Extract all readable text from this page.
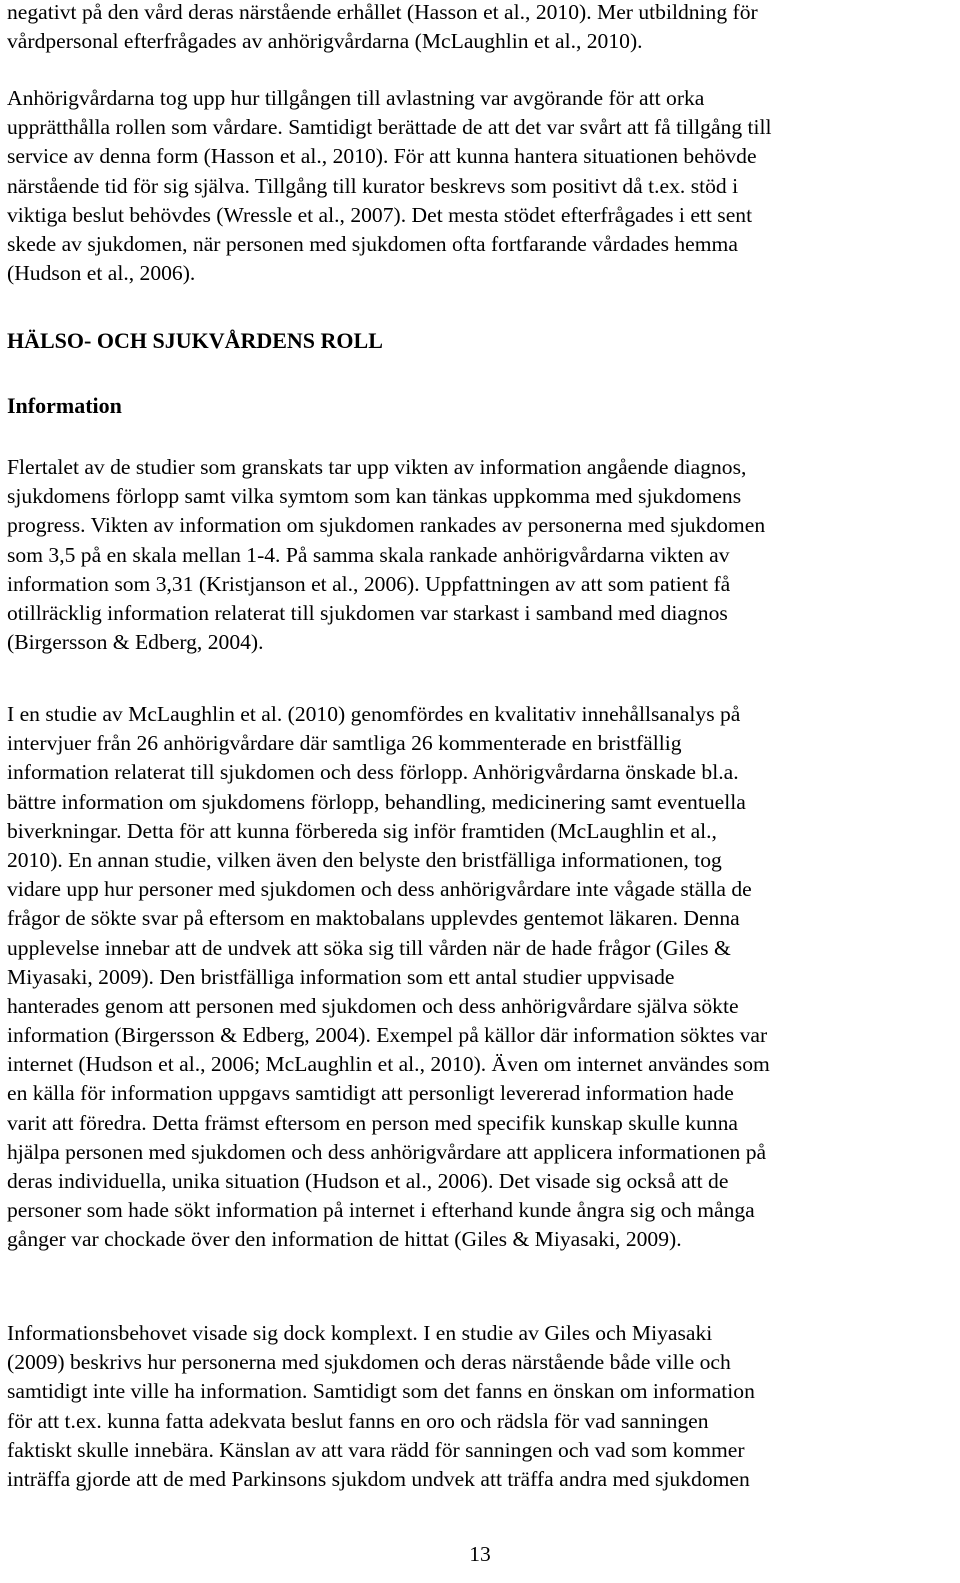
negativt på den vård deras närstående erhållet (Hasson et al., 2010). Mer utbildning för
vårdpersonal efterfrågades av anhörigvårdarna (McLaughlin et al., 2010).
Anhörigvårdarna tog upp hur tillgången till avlastning var avgörande för att orka
upprätthålla rollen som vårdare. Samtidigt berättade de att det var svårt att få tillgång till
service av denna form (Hasson et al., 2010). För att kunna hantera situationen behövde
närstående tid för sig själva. Tillgång till kurator beskrevs som positivt då t.ex. stöd i
viktiga beslut behövdes (Wressle et al., 2007). Det mesta stödet efterfrågades i ett sent
skede av sjukdomen, när personen med sjukdomen ofta fortfarande vårdades hemma
(Hudson et al., 2006).
HÄLSO- OCH SJUKVÅRDENS ROLL
Information
Flertalet av de studier som granskats tar upp vikten av information angående diagnos,
sjukdomens förlopp samt vilka symtom som kan tänkas uppkomma med sjukdomens
progress. Vikten av information om sjukdomen rankades av personerna med sjukdomen
som 3,5 på en skala mellan 1-4. På samma skala rankade anhörigvårdarna vikten av
information som 3,31 (Kristjanson et al., 2006). Uppfattningen av att som patient få
otillräcklig information relaterat till sjukdomen var starkast i samband med diagnos
(Birgersson & Edberg, 2004).
I en studie av McLaughlin et al. (2010) genomfördes en kvalitativ innehållsanalys på
intervjuer från 26 anhörigvårdare där samtliga 26 kommenterade en bristfällig
information relaterat till sjukdomen och dess förlopp. Anhörigvårdarna önskade bl.a.
bättre information om sjukdomens förlopp, behandling, medicinering samt eventuella
biverkningar. Detta för att kunna förbereda sig inför framtiden (McLaughlin et al.,
2010). En annan studie, vilken även den belyste den bristfälliga informationen, tog
vidare upp hur personer med sjukdomen och dess anhörigvårdare inte vågade ställa de
frågor de sökte svar på eftersom en maktobalans upplevdes gentemot läkaren. Denna
upplevelse innebar att de undvek att söka sig till vården när de hade frågor (Giles &
Miyasaki, 2009). Den bristfälliga information som ett antal studier uppvisade
hanterades genom att personen med sjukdomen och dess anhörigvårdare själva sökte
information (Birgersson & Edberg, 2004). Exempel på källor där information söktes var
internet (Hudson et al., 2006; McLaughlin et al., 2010). Även om internet användes som
en källa för information uppgavs samtidigt att personligt levererad information hade
varit att föredra. Detta främst eftersom en person med specifik kunskap skulle kunna
hjälpa personen med sjukdomen och dess anhörigvårdare att applicera informationen på
deras individuella, unika situation (Hudson et al., 2006). Det visade sig också att de
personer som hade sökt information på internet i efterhand kunde ångra sig och många
gånger var chockade över den information de hittat (Giles & Miyasaki, 2009).
Informationsbehovet visade sig dock komplext. I en studie av Giles och Miyasaki
(2009) beskrivs hur personerna med sjukdomen och deras närstående både ville och
samtidigt inte ville ha information. Samtidigt som det fanns en önskan om information
för att t.ex. kunna fatta adekvata beslut fanns en oro och rädsla för vad sanningen
faktiskt skulle innebära. Känslan av att vara rädd för sanningen och vad som kommer
inträffa gjorde att de med Parkinsons sjukdom undvek att träffa andra med sjukdomen
13
